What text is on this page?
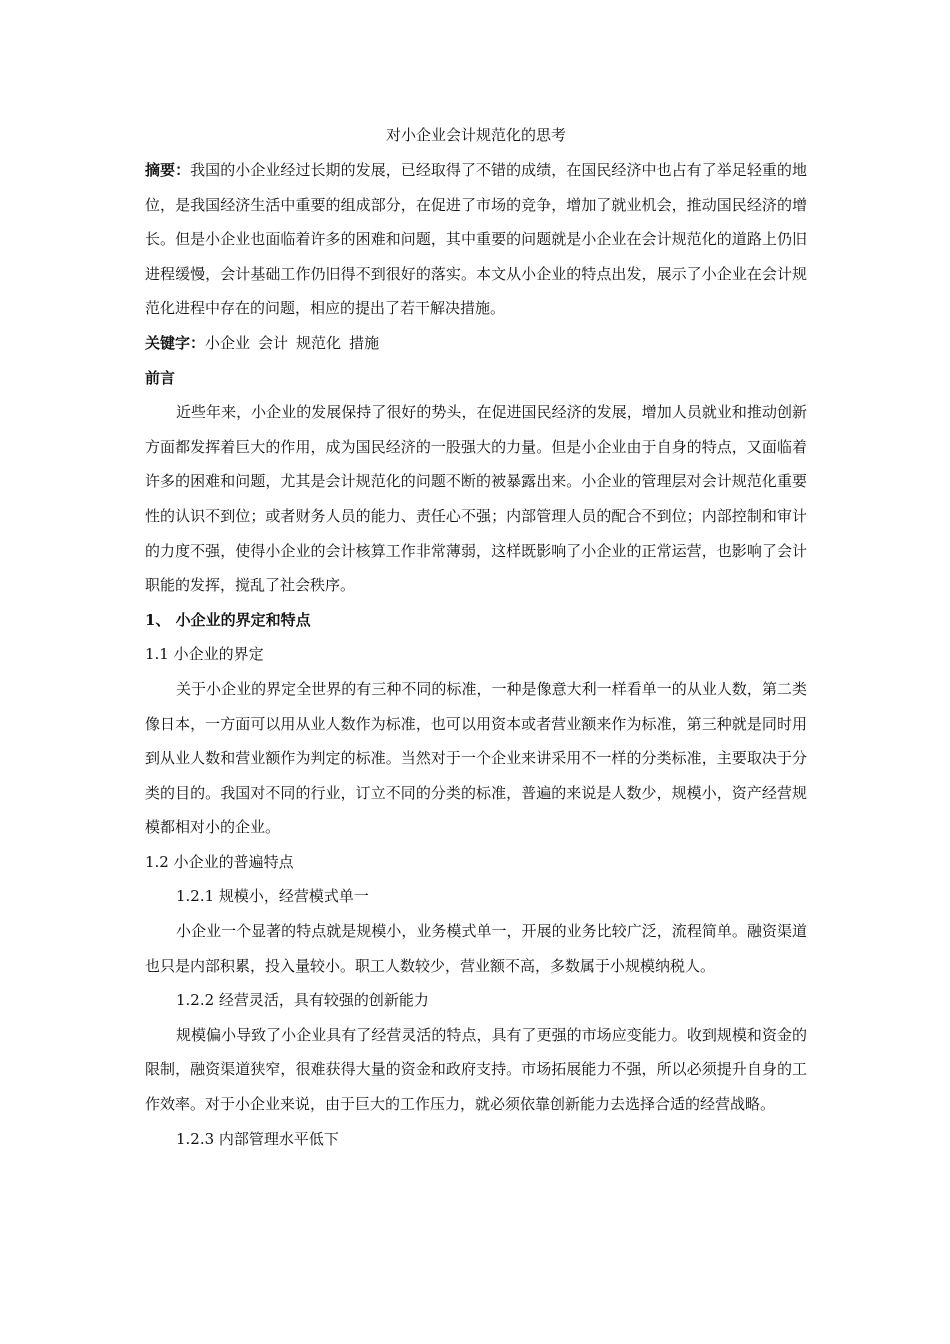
对小企业会计规范化的思考

摘要：我国的小企业经过长期的发展，已经取得了不错的成绩，在国民经济中也占有了举足轻重的地位，是我国经济生活中重要的组成部分，在促进了市场的竞争，增加了就业机会，推动国民经济的增长。但是小企业也面临着许多的困难和问题，其中重要的问题就是小企业在会计规范化的道路上仍旧进程缓慢，会计基础工作仍旧得不到很好的落实。本文从小企业的特点出发，展示了小企业在会计规范化进程中存在的问题，相应的提出了若干解决措施。

关键字：小企业 会计 规范化 措施

前言

近些年来，小企业的发展保持了很好的势头，在促进国民经济的发展，增加人员就业和推动创新方面都发挥着巨大的作用，成为国民经济的一股强大的力量。但是小企业由于自身的特点，又面临着许多的困难和问题，尤其是会计规范化的问题不断的被暴露出来。小企业的管理层对会计规范化重要性的认识不到位；或者财务人员的能力、责任心不强；内部管理人员的配合不到位；内部控制和审计的力度不强，使得小企业的会计核算工作非常薄弱，这样既影响了小企业的正常运营，也影响了会计职能的发挥，搅乱了社会秩序。

1、 小企业的界定和特点

1.1 小企业的界定

关于小企业的界定全世界的有三种不同的标准，一种是像意大利一样看单一的从业人数，第二类像日本，一方面可以用从业人数作为标准，也可以用资本或者营业额来作为标准，第三种就是同时用到从业人数和营业额作为判定的标准。当然对于一个企业来讲采用不一样的分类标准，主要取决于分类的目的。我国对不同的行业，订立不同的分类的标准，普遍的来说是人数少，规模小，资产经营规模都相对小的企业。

1.2 小企业的普遍特点

1.2.1 规模小，经营模式单一

小企业一个显著的特点就是规模小，业务模式单一，开展的业务比较广泛，流程简单。融资渠道也只是内部积累，投入量较小。职工人数较少，营业额不高，多数属于小规模纳税人。

1.2.2 经营灵活，具有较强的创新能力

规模偏小导致了小企业具有了经营灵活的特点，具有了更强的市场应变能力。收到规模和资金的限制，融资渠道狭窄，很难获得大量的资金和政府支持。市场拓展能力不强，所以必须提升自身的工作效率。对于小企业来说，由于巨大的工作压力，就必须依靠创新能力去选择合适的经营战略。

1.2.3 内部管理水平低下
